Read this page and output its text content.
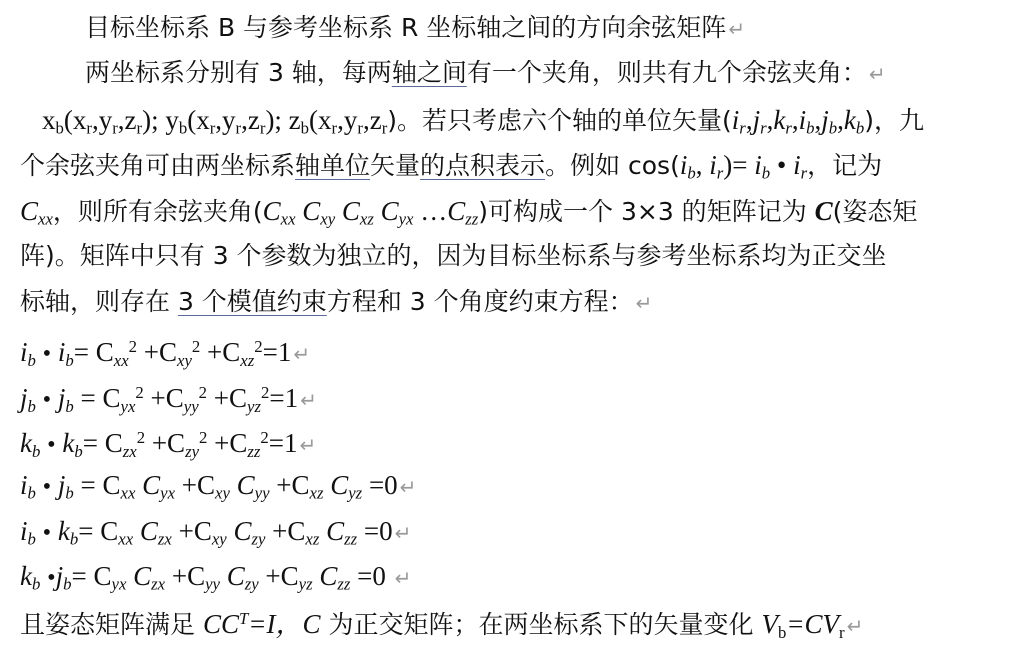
目标坐标系 B 与参考坐标系 R 坐标轴之间的方向余弦矩阵 ↵
两坐标系分别有 3 轴，每两轴之间有一个夹角，则共有九个余弦夹角： ↵
$x_b(x_r,y_r,z_r)$; $y_b(x_r,y_r,z_r)$; $z_b(x_r,y_r,z_r)$。若只考虑六个轴的单位矢量$(i_r,j_r,k_r,i_b,j_b,k_b)$，九
个余弦夹角可由两坐标系轴单位矢量的点积表示。例如 $\cos(i_b$, $i_r)= i_b$ • $i_r$，记为
$C_{xx}$，则所有余弦夹角($C_{xx}$ $C_{xy}$ $C_{xz}$ $C_{yx}$ $\dots C_{zz}$)可构成一个 3×3 的矩阵记为 C(姿态矩
阵)。矩阵中只有 3 个参数为独立的，因为目标坐标系与参考坐标系均为正交坐
标轴，则存在 3 个模值约束方程和 3 个角度约束方程： ↵
$i_b$ • $i_b= C_{xx}^2 +C_{xy}^2 +C_{xz}^2=1$ ↵
$j_b$ • $j_b = C_{yx}^2 +C_{yy}^2 +C_{yz}^2=1$ ↵
$k_b$ • $k_b= C_{zx}^2 +C_{zy}^2 +C_{zz}^2=1$ ↵
$i_b$ • $j_b = C_{xx}$ $C_{yx} +C_{xy}$ $C_{yy} +C_{xz}$ $C_{yz} =0$ ↵
$i_b$ • $k_b= C_{xx}$ $C_{zx} +C_{xy}$ $C_{zy} +C_{xz}$ $C_{zz} =0$ ↵
$k_b$ $•j_b= C_{yx}$ $C_{zx} +C_{yy}$ $C_{zy} +C_{yz}$ $C_{zz} =0$ ↵
且姿态矩阵满足 $CC^T=I$，C 为正交矩阵；在两坐标系下的矢量变化 $V_b=CV_r$ ↵
